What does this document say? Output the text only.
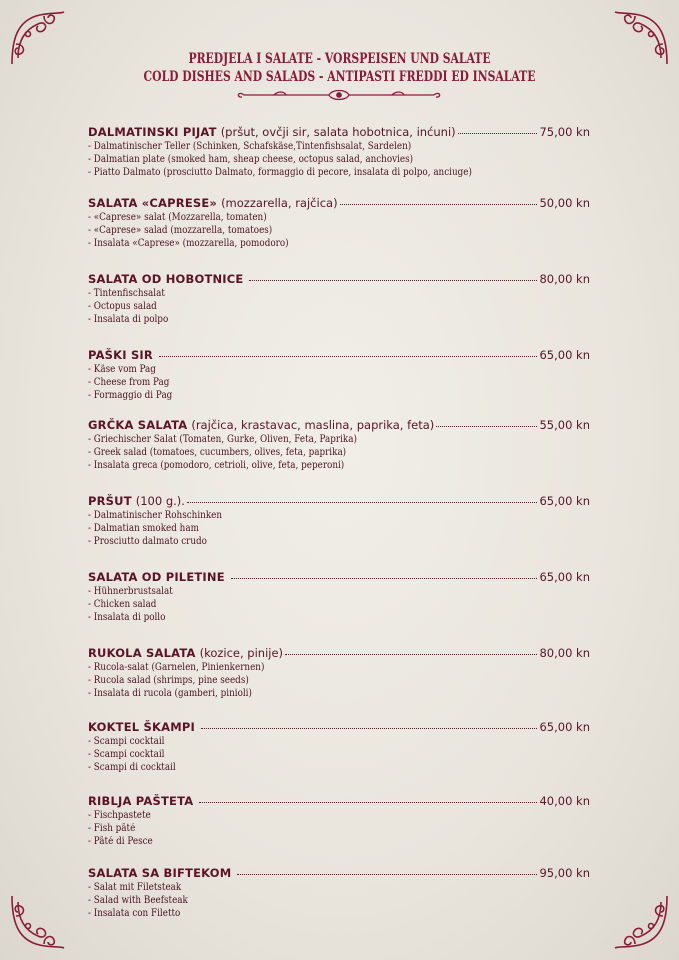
PREDJELA I SALATE - VORSPEISEN UND SALATE
COLD DISHES AND SALADS - ANTIPASTI FREDDI ED INSALATE
DALMATINSKI PIJAT (pršut, ovčji sir, salata hobotnica, inćuni)	75,00 kn
- Dalmatinischer Teller (Schinken, Schafskäse,Tintenfishsalat, Sardelen)
- Dalmatian plate (smoked ham, sheap cheese, octopus salad, anchovies)
- Piatto Dalmato (prosciutto Dalmato, formaggio di pecore, insalata di polpo, anciuge)
SALATA «CAPRESE» (mozzarella, rajčica)	50,00 kn
- «Caprese» salat (Mozzarella, tomaten)
- «Caprese» salad (mozzarella, tomatoes)
- Insalata «Caprese» (mozzarella, pomodoro)
SALATA OD HOBOTNICE	80,00 kn
- Tintenfischsalat
- Octopus salad
- Insalata di polpo
PAŠKI SIR	65,00 kn
- Käse vom Pag
- Cheese from Pag
- Formaggio di Pag
GRČKA SALATA (rajčica, krastavac, maslina, paprika, feta)	55,00 kn
- Griechischer Salat (Tomaten, Gurke, Oliven, Feta, Paprika)
- Greek salad (tomatoes, cucumbers, olives, feta, paprika)
- Insalata greca (pomodoro, cetrioli, olive, feta, peperoni)
PRŠUT (100 g.).	65,00 kn
- Dalmatinischer Rohschinken
- Dalmatian smoked ham
- Prosciutto dalmato crudo
SALATA OD PILETINE	65,00 kn
- Hühnerbrustsalat
- Chicken salad
- Insalata di pollo
RUKOLA SALATA (kozice, pinije)	80,00 kn
- Rucola-salat (Garnelen, Pinienkernen)
- Rucola salad (shrimps, pine seeds)
- Insalata di rucola (gamberi, pinioli)
KOKTEL ŠKAMPI	65,00 kn
- Scampi cocktail
- Scampi cocktail
- Scampi di cocktail
RIBLJA PAŠTETA	40,00 kn
- Fischpastete
- Fish pâté
- Pâté di Pesce
SALATA SA BIFTEKOM	95,00 kn
- Salat mit Filetsteak
- Salad with Beefsteak
- Insalata con Filetto
